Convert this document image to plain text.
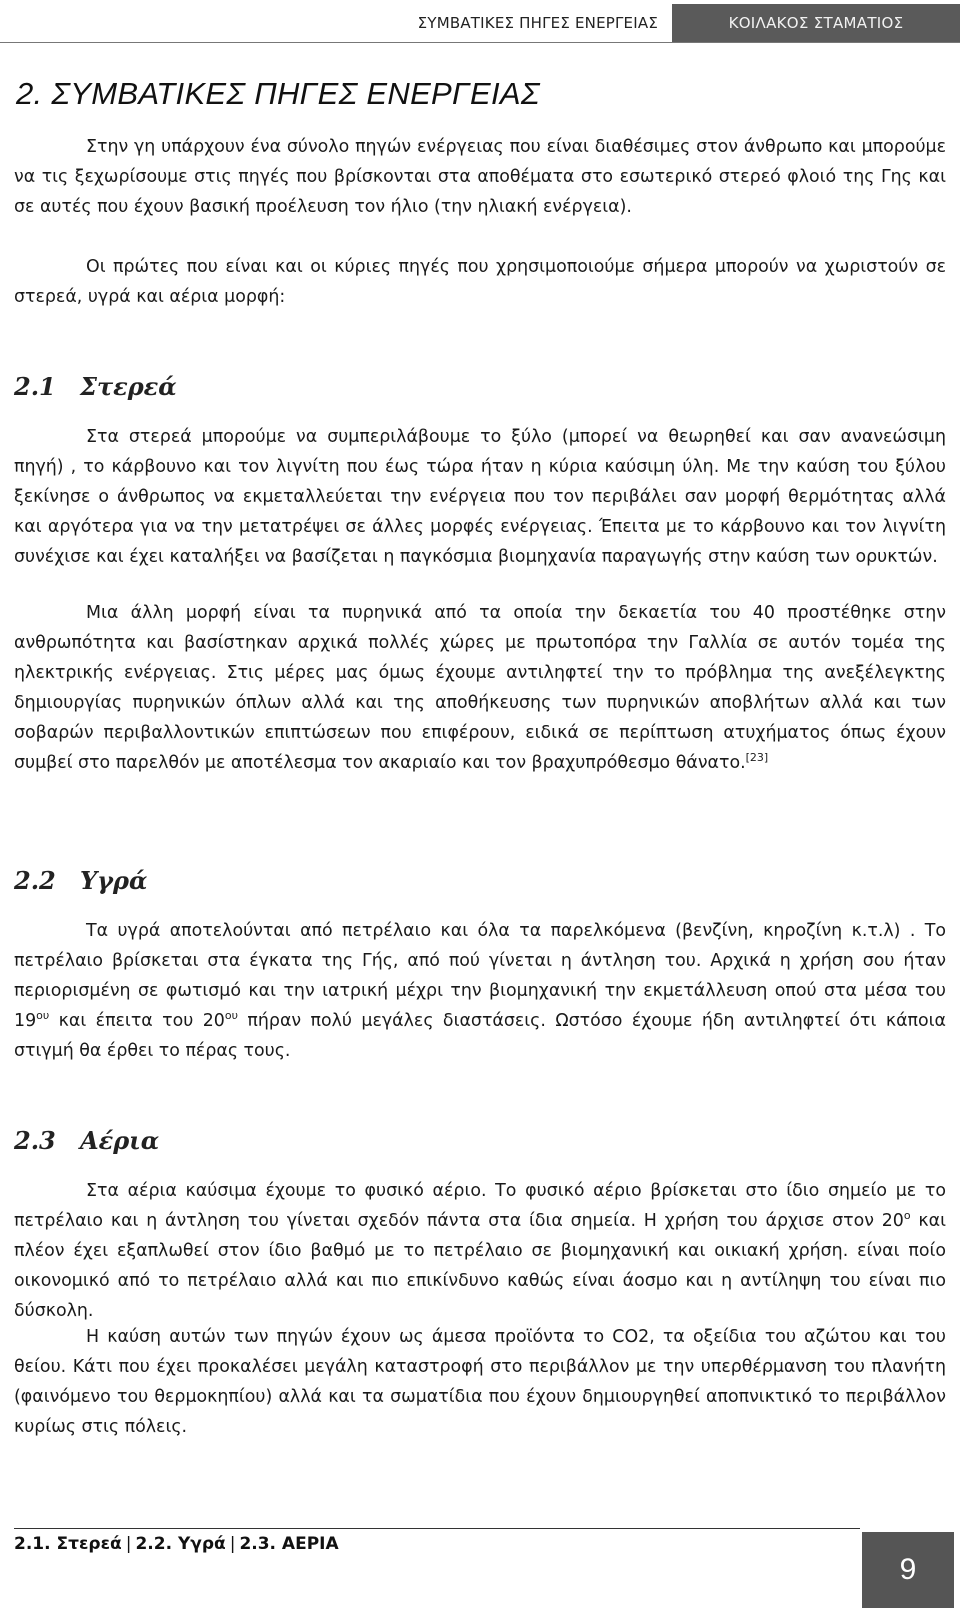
ΣΥΜΒΑΤΙΚΕΣ ΠΗΓΕΣ ΕΝΕΡΓΕΙΑΣ	ΚΟΙΛΑΚΟΣ ΣΤΑΜΑΤΙΟΣ
2. ΣΥΜΒΑΤΙΚΕΣ ΠΗΓΕΣ ΕΝΕΡΓΕΙΑΣ

Στην γη υπάρχουν ένα σύνολο πηγών ενέργειας που είναι διαθέσιμες στον άνθρωπο και μπορούμε να τις ξεχωρίσουμε στις πηγές που βρίσκονται στα αποθέματα στο εσωτερικό στερεό φλοιό της Γης και σε αυτές που έχουν βασική προέλευση τον ήλιο (την ηλιακή ενέργεια).

Οι πρώτες που είναι και οι κύριες πηγές που χρησιμοποιούμε σήμερα μπορούν να χωριστούν σε στερεά, υγρά και αέρια μορφή:

2.1 Στερεά

Στα στερεά μπορούμε να συμπεριλάβουμε το ξύλο (μπορεί να θεωρηθεί και σαν ανανεώσιμη πηγή) , το κάρβουνο και τον λιγνίτη που έως τώρα ήταν η κύρια καύσιμη ύλη. Με την καύση του ξύλου ξεκίνησε ο άνθρωπος να εκμεταλλεύεται την ενέργεια που τον περιβάλει σαν μορφή θερμότητας αλλά και αργότερα για να την μετατρέψει σε άλλες μορφές ενέργειας. Έπειτα με το κάρβουνο και τον λιγνίτη συνέχισε και έχει καταλήξει να βασίζεται η παγκόσμια βιομηχανία παραγωγής στην καύση των ορυκτών.

Μια άλλη μορφή είναι τα πυρηνικά από τα οποία την δεκαετία του 40 προστέθηκε στην ανθρωπότητα και βασίστηκαν αρχικά πολλές χώρες με πρωτοπόρα την Γαλλία σε αυτόν τομέα της ηλεκτρικής ενέργειας. Στις μέρες μας όμως έχουμε αντιληφτεί την το πρόβλημα της ανεξέλεγκτης δημιουργίας πυρηνικών όπλων αλλά και της αποθήκευσης των πυρηνικών αποβλήτων αλλά και των σοβαρών περιβαλλοντικών επιπτώσεων που επιφέρουν, ειδικά σε περίπτωση ατυχήματος όπως έχουν συμβεί στο παρελθόν με αποτέλεσμα τον ακαριαίο και τον βραχυπρόθεσμο θάνατο.[23]

2.2 Υγρά

Τα υγρά αποτελούνται από πετρέλαιο και όλα τα παρελκόμενα (βενζίνη, κηροζίνη κ.τ.λ) . Το πετρέλαιο βρίσκεται στα έγκατα της Γής, από πού γίνεται η άντληση του. Αρχικά η χρήση σου ήταν περιορισμένη σε φωτισμό και την ιατρική μέχρι την βιομηχανική την εκμετάλλευση οπού στα μέσα του $19^{o\upsilon}$ και έπειτα του $20^{o\upsilon}$ πήραν πολύ μεγάλες διαστάσεις. Ωστόσο έχουμε ήδη αντιληφτεί ότι κάποια στιγμή θα έρθει το πέρας τους.

2.3 Αέρια

Στα αέρια καύσιμα έχουμε το φυσικό αέριο. Το φυσικό αέριο βρίσκεται στο ίδιο σημείο με το πετρέλαιο και η άντληση του γίνεται σχεδόν πάντα στα ίδια σημεία. Η χρήση του άρχισε στον $20^o$ και πλέον έχει εξαπλωθεί στον ίδιο βαθμό με το πετρέλαιο σε βιομηχανική και οικιακή χρήση. είναι ποίο οικονομικό από το πετρέλαιο αλλά και πιο επικίνδυνο καθώς είναι άοσμο και η αντίληψη του είναι πιο δύσκολη.

Η καύση αυτών των πηγών έχουν ως άμεσα προϊόντα το CO2, τα οξείδια του αζώτου και του θείου. Κάτι που έχει προκαλέσει μεγάλη καταστροφή στο περιβάλλον με την υπερθέρμανση του πλανήτη (φαινόμενο του θερμοκηπίου) αλλά και τα σωματίδια που έχουν δημιουργηθεί αποπνικτικό το περιβάλλον κυρίως στις πόλεις.

2.1. Στερεά | 2.2. Υγρά | 2.3. ΑΕΡΙΑ
9
